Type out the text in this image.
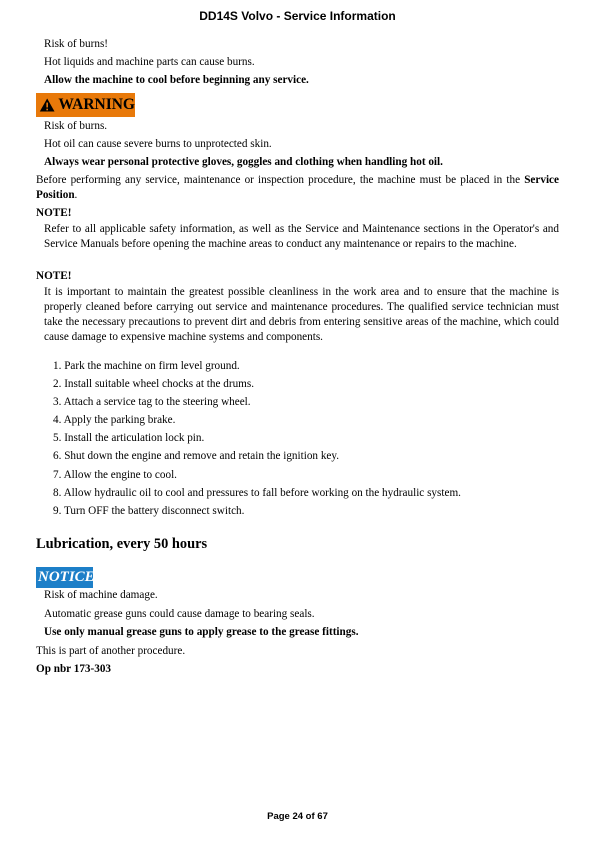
DD14S Volvo - Service Information
Risk of burns!
Hot liquids and machine parts can cause burns.
Allow the machine to cool before beginning any service.
WARNING
Risk of burns.
Hot oil can cause severe burns to unprotected skin.
Always wear personal protective gloves, goggles and clothing when handling hot oil.
Before performing any service, maintenance or inspection procedure, the machine must be placed in the Service Position.
NOTE!
Refer to all applicable safety information, as well as the Service and Maintenance sections in the Operator's and Service Manuals before opening the machine areas to conduct any maintenance or repairs to the machine.
NOTE!
It is important to maintain the greatest possible cleanliness in the work area and to ensure that the machine is properly cleaned before carrying out service and maintenance procedures. The qualified service technician must take the necessary precautions to prevent dirt and debris from entering sensitive areas of the machine, which could cause damage to expensive machine systems and components.
1. Park the machine on firm level ground.
2. Install suitable wheel chocks at the drums.
3. Attach a service tag to the steering wheel.
4. Apply the parking brake.
5. Install the articulation lock pin.
6. Shut down the engine and remove and retain the ignition key.
7. Allow the engine to cool.
8. Allow hydraulic oil to cool and pressures to fall before working on the hydraulic system.
9. Turn OFF the battery disconnect switch.
Lubrication, every 50 hours
NOTICE
Risk of machine damage.
Automatic grease guns could cause damage to bearing seals.
Use only manual grease guns to apply grease to the grease fittings.
This is part of another procedure.
Op nbr 173-303
Page 24 of 67
